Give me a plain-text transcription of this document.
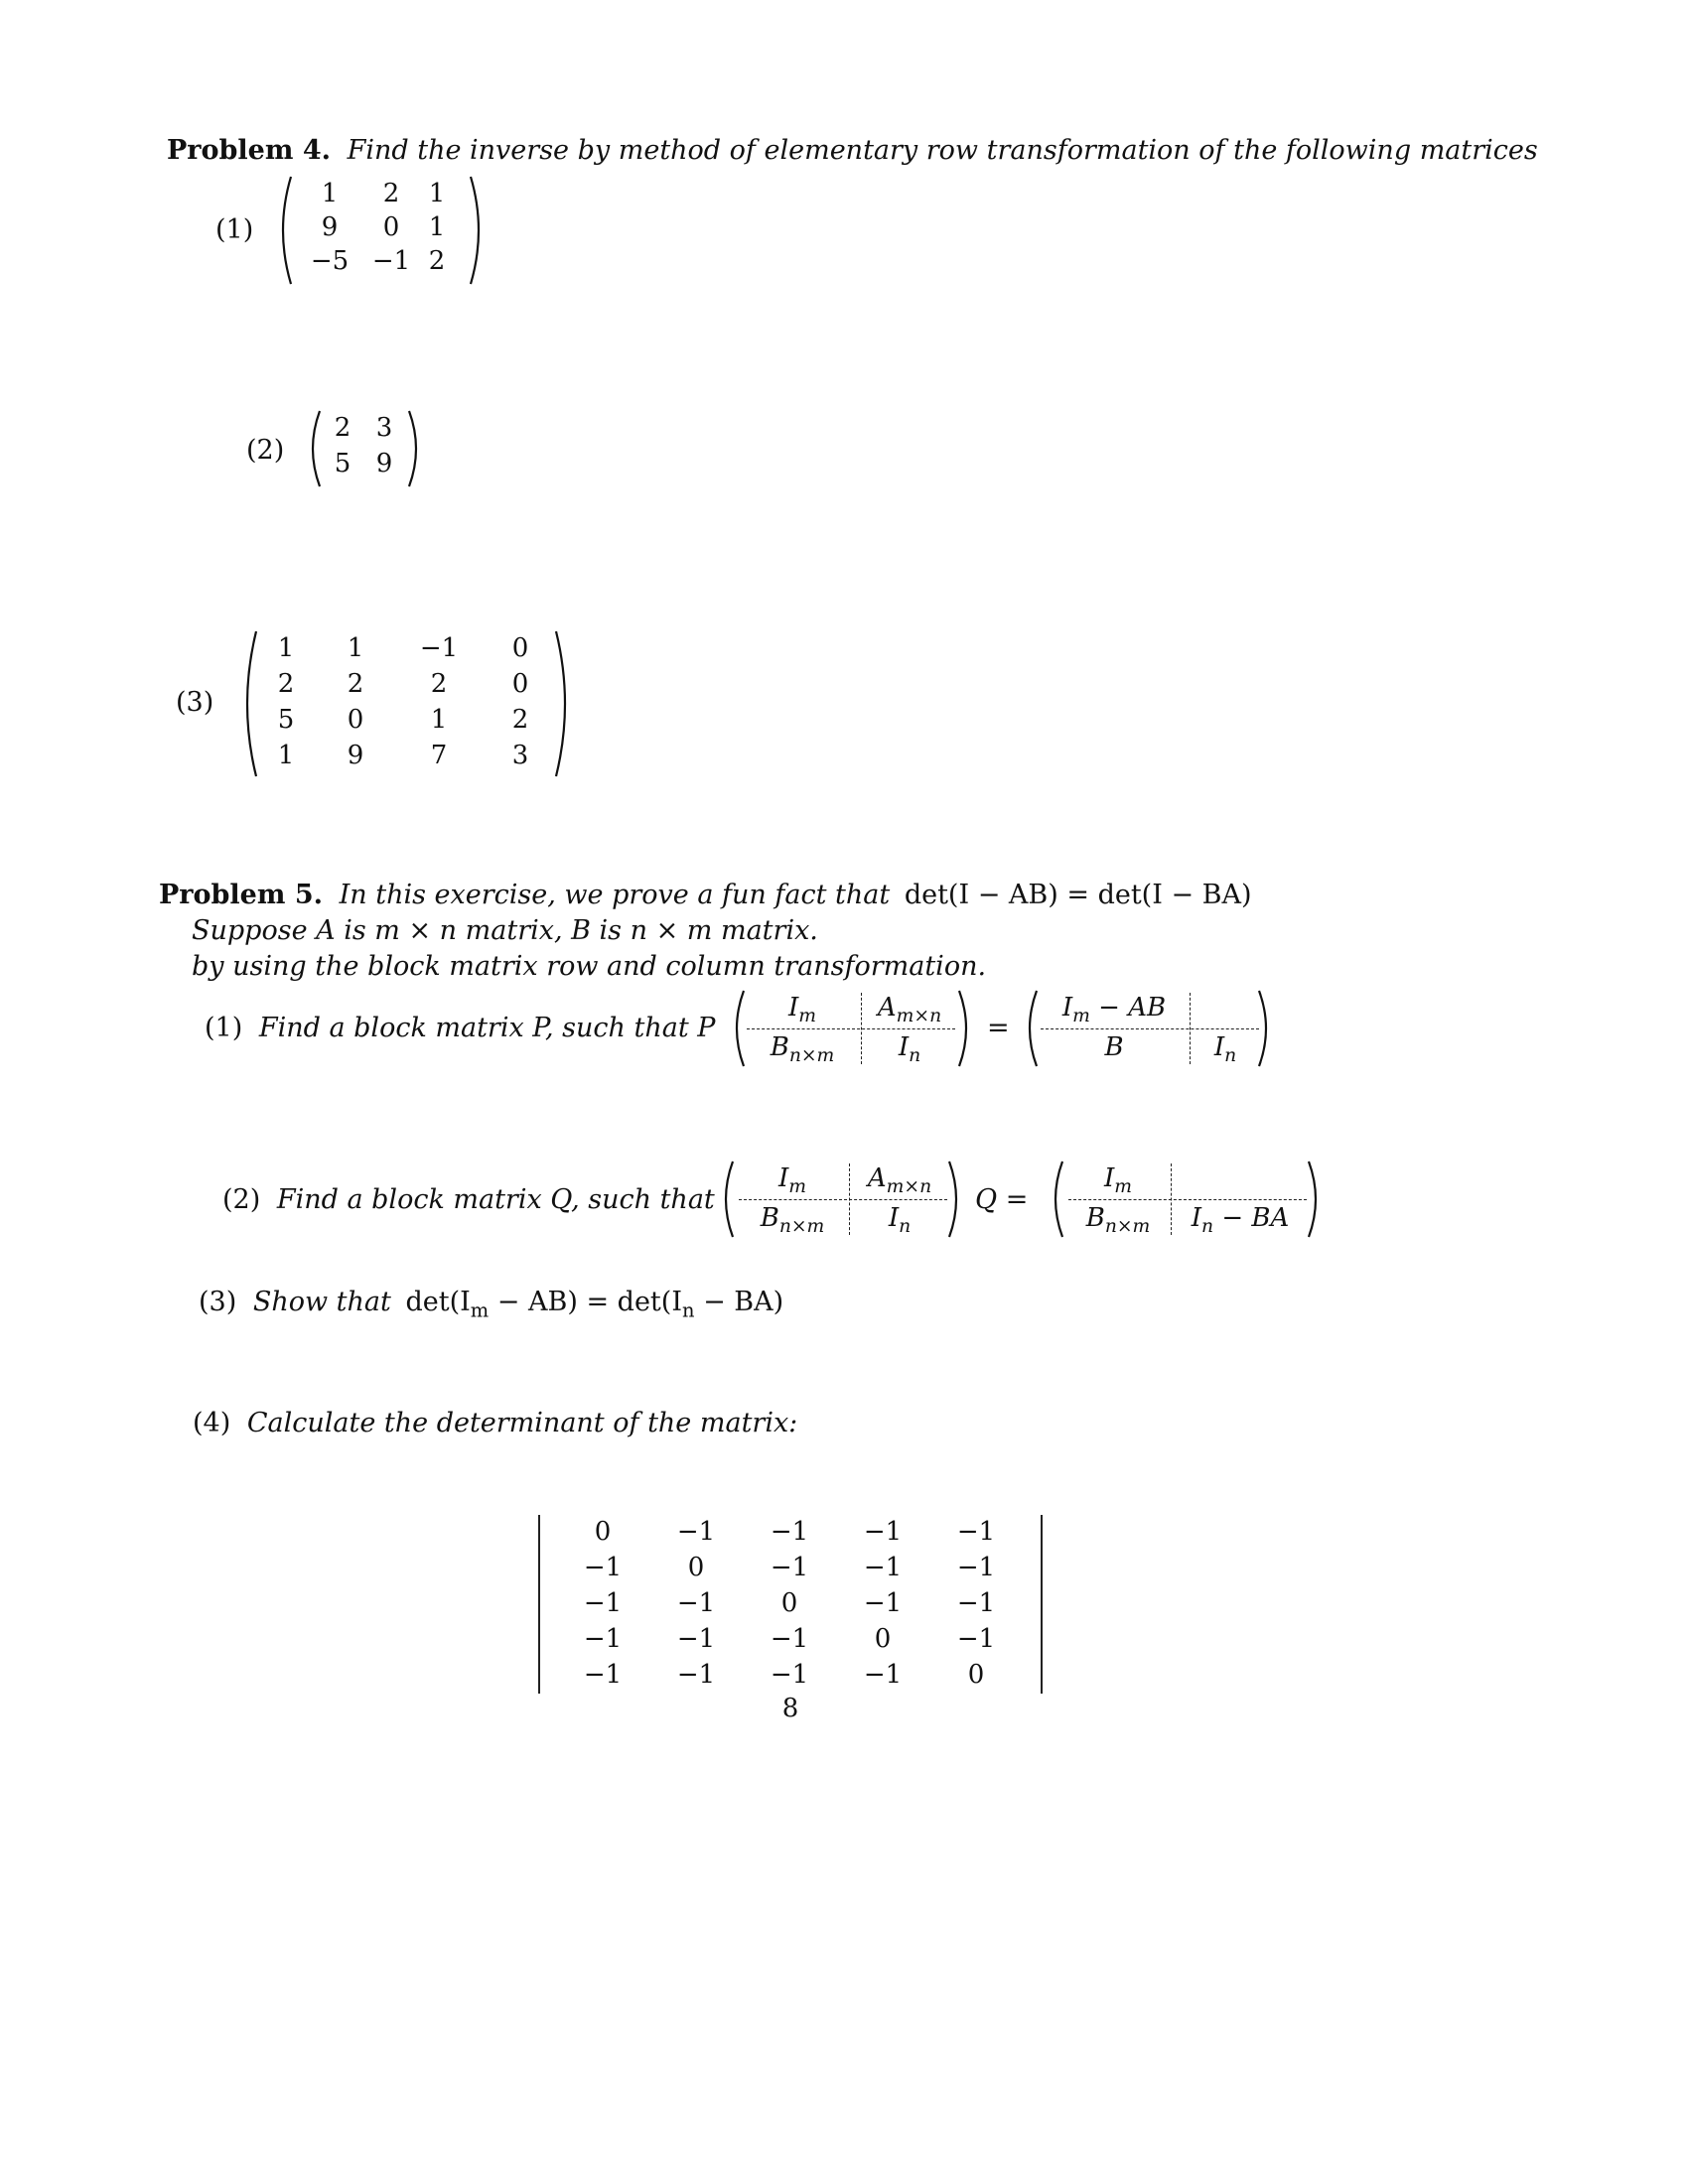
Problem 4. Find the inverse by method of elementary row transformation of the following matrices
(1)
1	2	1
9	0	1
−5 −1 2
(2)
2 3
5 9
(3)
1	1	−1	0
2	2	2	0
5	0	1	2
1	9	7	3
Problem 5. In this exercise, we prove a fun fact that det(I − AB) = det(I − BA)
Suppose A is m × n matrix, B is n × m matrix.
by using the block matrix row and column transformation.
(1) Find a block matrix P, such that P
$I_m$	$A_{m\times n}$
$B_{n\times m}$	$I_n$
=
$I_m$ − AB
B	$I_n$
(2) Find a block matrix Q, such that
$I_m$	$A_{m\times n}$
$B_{n\times m}$	$I_n$
Q =
$I_m$
$B_{n\times m}$	$I_n$ − BA
(3) Show that $\det(I_m - AB) = \det(I_n - BA)$
(4) Calculate the determinant of the matrix:
0	−1	−1	−1	−1
−1	0	−1	−1	−1
−1	−1	0	−1	−1
−1	−1	−1	0	−1
−1	−1	−1	−1	0
8
